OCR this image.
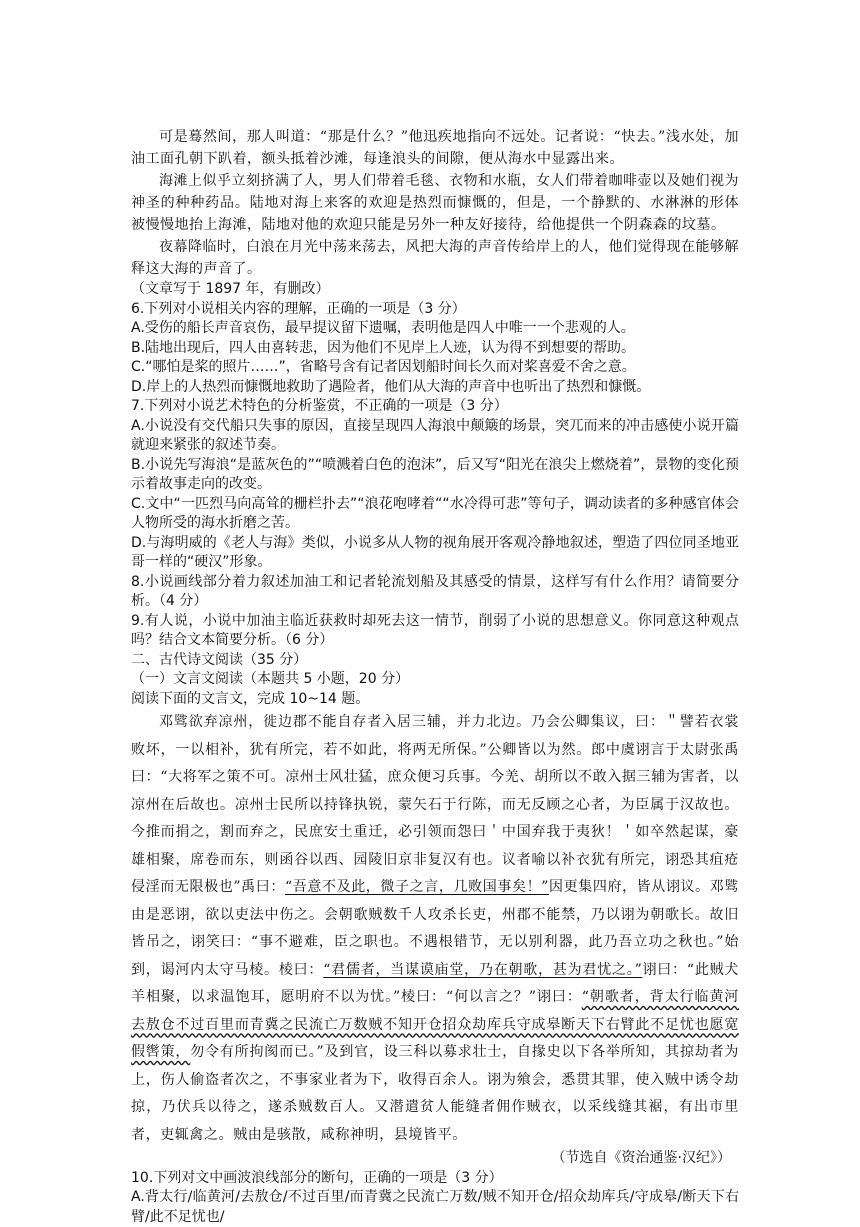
可是蓦然间，那人叫道：“那是什么？”他迅疾地指向不远处。记者说：“快去。”浅水处，加油工面孔朝下趴着，额头抵着沙滩，每逢浪头的间隙，便从海水中显露出来。

海滩上似乎立刻挤满了人，男人们带着毛毯、衣物和水瓶，女人们带着咖啡壶以及她们视为神圣的种种药品。陆地对海上来客的欢迎是热烈而慷慨的，但是，一个静默的、水淋淋的形体被慢慢地抬上海滩，陆地对他的欢迎只能是另外一种友好接待，给他提供一个阴森森的坟墓。

夜幕降临时，白浪在月光中荡来荡去，风把大海的声音传给岸上的人，他们觉得现在能够解释这大海的声音了。

（文章写于 1897 年，有删改）

6.下列对小说相关内容的理解，正确的一项是（3 分）

A.受伤的船长声音哀伤，最早提议留下遗嘱，表明他是四人中唯一一个悲观的人。

B.陆地出现后，四人由喜转悲，因为他们不见岸上人迹，认为得不到想要的帮助。

C.“哪怕是桨的照片……”，省略号含有记者因划船时间长久而对桨喜爱不舍之意。

D.岸上的人热烈而慷慨地救助了遇险者，他们从大海的声音中也听出了热烈和慷慨。

7.下列对小说艺术特色的分析鉴赏，不正确的一项是（3 分）

A.小说没有交代船只失事的原因，直接呈现四人海浪中颠簸的场景，突兀而来的冲击感使小说开篇就迎来紧张的叙述节奏。

B.小说先写海浪“是蓝灰色的”“喷溅着白色的泡沫”，后又写“阳光在浪尖上燃烧着”，景物的变化预示着故事走向的改变。

C.文中“一匹烈马向高耸的栅栏扑去”“浪花咆哮着““水冷得可悲”等句子，调动读者的多种感官体会人物所受的海水折磨之苦。

D.与海明威的《老人与海》类似，小说多从人物的视角展开客观冷静地叙述，塑造了四位同圣地亚哥一样的“硬汉”形象。

8.小说画线部分着力叙述加油工和记者轮流划船及其感受的情景，这样写有什么作用？请简要分析。（4 分）

9.有人说，小说中加油主临近获救时却死去这一情节，削弱了小说的思想意义。你同意这种观点吗？结合文本简要分析。（6 分）

二、古代诗文阅读（35 分）

（一）文言文阅读（本题共 5 小题，20 分）

阅读下面的文言文，完成 10~14 题。

邓骘欲弃凉州，徙边郡不能自存者入居三辅，并力北边。乃会公卿集议，曰：＂譬若衣裳败坏，一以相补，犹有所完，若不如此，将两无所保。”公卿皆以为然。郎中虞诩言于太尉张禹曰：“大将军之策不可。凉州士风壮猛，庶众便习兵事。今羌、胡所以不敢入据三辅为害者，以凉州在后故也。凉州士民所以持锋执锐，蒙矢石于行陈，而无反顾之心者，为臣属于汉故也。今推而捐之，割而弃之，民庶安土重迁，必引领而怨曰＇中国弃我于夷狄！＇如卒然起谋，豪雄相聚，席卷而东，则函谷以西、园陵旧京非复汉有也。议者喻以补衣犹有所完，诩恐其疽疮侵淫而无限极也”禹曰：“吾意不及此，微子之言，几败国事矣！”因更集四府，皆从诩议。邓骘由是恶诩，欲以吏法中伤之。会朝歌贼数千人攻杀长吏，州郡不能禁，乃以诩为朝歌长。故旧皆吊之，诩笑曰：“事不避难，臣之职也。不遇根错节，无以别利器，此乃吾立功之秋也。”始到，谒河内太守马棱。棱曰：“君儒者，当谋谟庙堂，乃在朝歌，甚为君忧之。”诩曰：“此贼犬羊相聚，以求温饱耳，愿明府不以为忧。”棱曰：“何以言之？”诩曰：“朝歌者，背太行临黄河去敖仓不过百里而青冀之民流亡万数贼不知开仓招众劫库兵守成皋断天下右臂此不足忧也愿宽假辔策，勿令有所拘阂而已。”及到官，设三科以募求壮士，自掾史以下各举所知，其掠劫者为上，伤人偷盗者次之，不事家业者为下，收得百余人。诩为飨会，悉贯其罪，使入贼中诱令劫掠，乃伏兵以待之，遂杀贼数百人。又潜遣贫人能缝者佣作贼衣，以采线缝其裾，有出市里者，吏辄禽之。贼由是骇散，咸称神明，县境皆平。

（节选自《资治通鉴·汉纪》）

10.下列对文中画波浪线部分的断句，正确的一项是（3 分）

A.背太行/临黄河/去敖仓/不过百里/而青冀之民流亡万数/贼不知开仓/招众劫库兵/守成皋/断天下右臂/此不足忧也/
